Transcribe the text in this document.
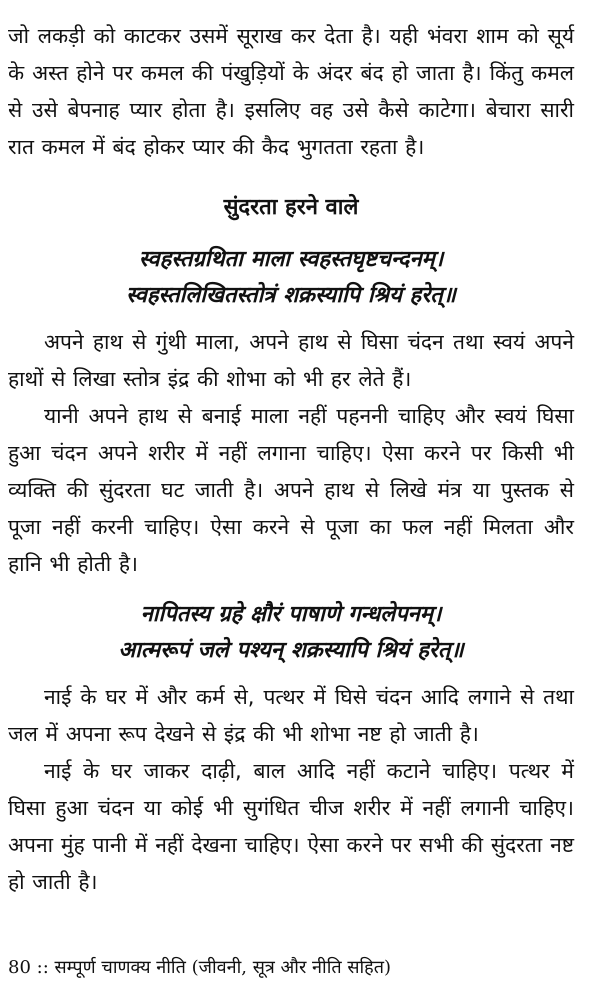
जो लकड़ी को काटकर उसमें सूराख कर देता है। यही भंवरा शाम को सूर्य के अस्त होने पर कमल की पंखुड़ियों के अंदर बंद हो जाता है। किंतु कमल से उसे बेपनाह प्यार होता है। इसलिए वह उसे कैसे काटेगा। बेचारा सारी रात कमल में बंद होकर प्यार की कैद भुगतता रहता है।

सुंदरता हरने वाले
स्वहस्तग्रथिता माला स्वहस्तघृष्टचन्दनम्।
स्वहस्तलिखितस्तोत्रं शक्रस्यापि श्रियं हरेत्॥

अपने हाथ से गुंथी माला, अपने हाथ से घिसा चंदन तथा स्वयं अपने हाथों से लिखा स्तोत्र इंद्र की शोभा को भी हर लेते हैं।

यानी अपने हाथ से बनाई माला नहीं पहननी चाहिए और स्वयं घिसा हुआ चंदन अपने शरीर में नहीं लगाना चाहिए। ऐसा करने पर किसी भी व्यक्ति की सुंदरता घट जाती है। अपने हाथ से लिखे मंत्र या पुस्तक से पूजा नहीं करनी चाहिए। ऐसा करने से पूजा का फल नहीं मिलता और हानि भी होती है।

नापितस्य ग्रहे क्षौरं पाषाणे गन्धलेपनम्।
आत्मरूपं जले पश्यन् शक्रस्यापि श्रियं हरेत्॥

नाई के घर में और कर्म से, पत्थर में घिसे चंदन आदि लगाने से तथा जल में अपना रूप देखने से इंद्र की भी शोभा नष्ट हो जाती है।

नाई के घर जाकर दाढ़ी, बाल आदि नहीं कटाने चाहिए। पत्थर में घिसा हुआ चंदन या कोई भी सुगंधित चीज शरीर में नहीं लगानी चाहिए। अपना मुंह पानी में नहीं देखना चाहिए। ऐसा करने पर सभी की सुंदरता नष्ट हो जाती है।

80 :: सम्पूर्ण चाणक्य नीति (जीवनी, सूत्र और नीति सहित)
